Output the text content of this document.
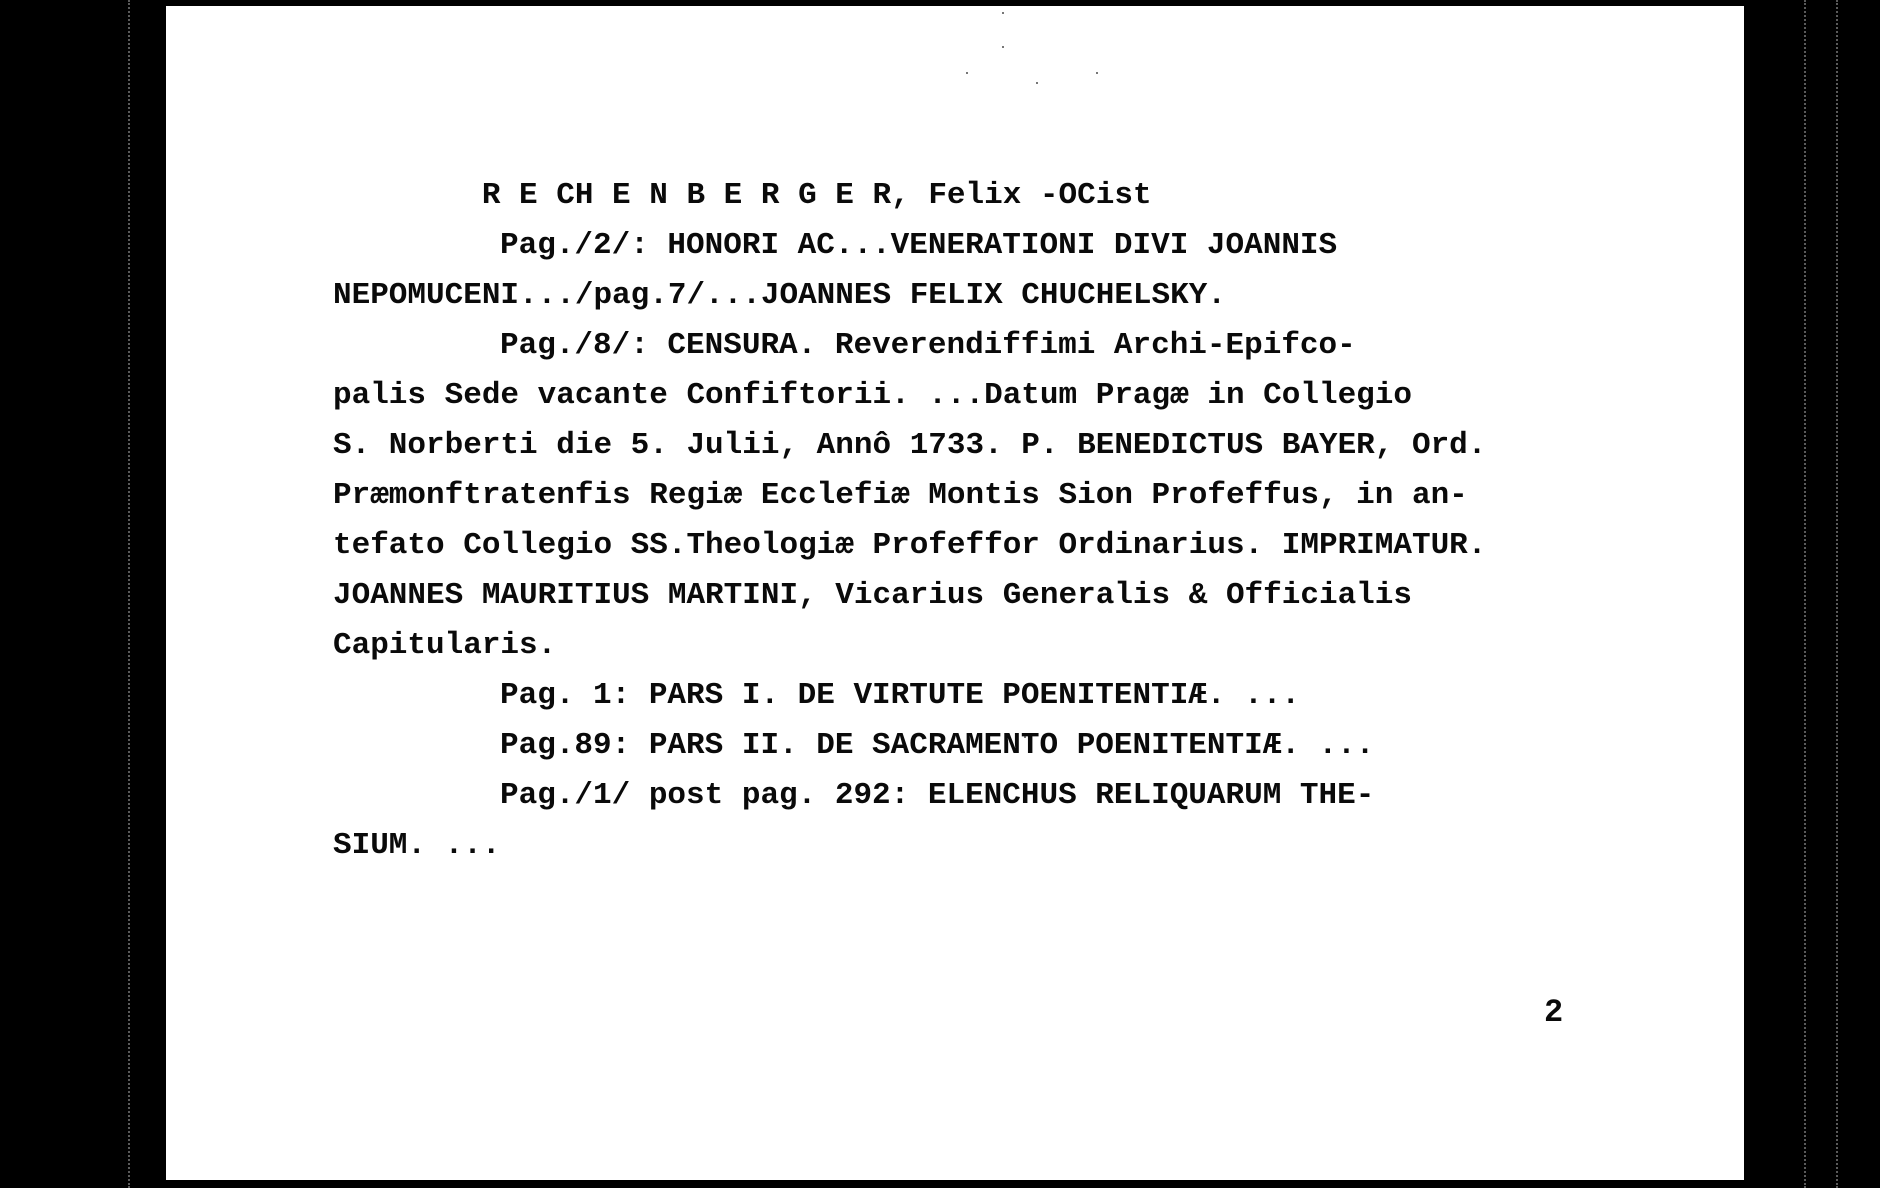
R E CH E N B E R G E R, Felix -OCist

Pag./2/: HONORI AC...VENERATIONI DIVI JOANNIS

NEPOMUCENI.../pag.7/...JOANNES FELIX CHUCHELSKY.

Pag./8/: CENSURA. Reverendiffimi Archi-Epifco-

palis Sede vacante Confiftorii. ...Datum Pragæ in Collegio

S. Norberti die 5. Julii, Annô 1733. P. BENEDICTUS BAYER, Ord.

Præmonftratenfis Regiæ Ecclefiæ Montis Sion Profeffus, in an-

tefato Collegio SS.Theologiæ Profeffor Ordinarius. IMPRIMATUR.

JOANNES MAURITIUS MARTINI, Vicarius Generalis & Officialis

Capitularis.

Pag. 1: PARS I. DE VIRTUTE POENITENTIÆ. ...

Pag.89: PARS II. DE SACRAMENTO POENITENTIÆ. ...

Pag./1/ post pag. 292: ELENCHUS RELIQUARUM THE-

SIUM. ...

2
